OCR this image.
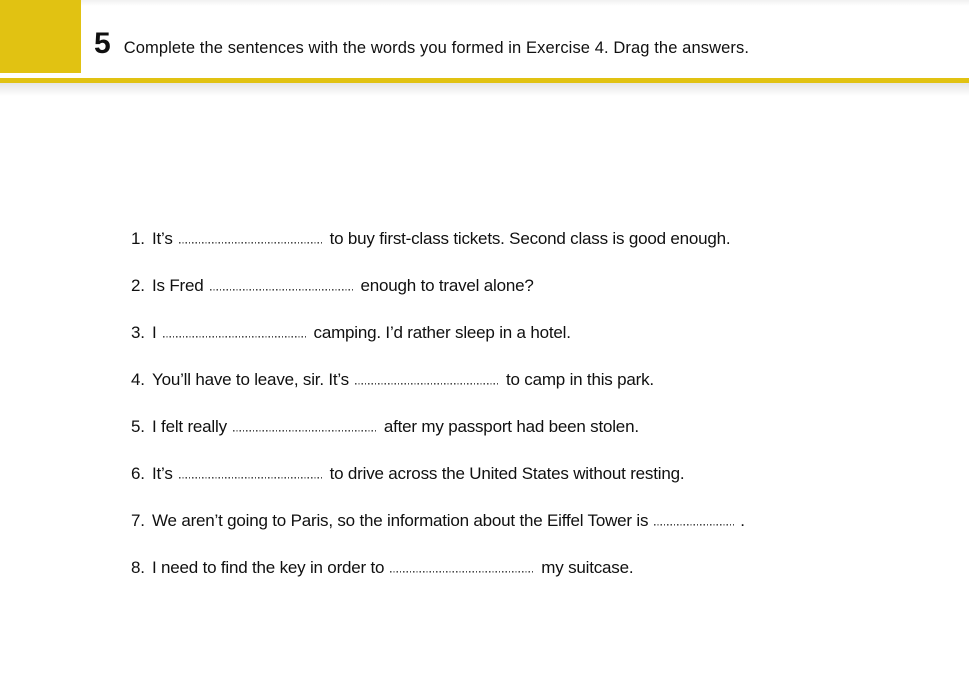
5 Complete the sentences with the words you formed in Exercise 4. Drag the answers.
1. It’s	to buy first-class tickets. Second class is good enough.
2. Is Fred	enough to travel alone?
3. I	camping. I’d rather sleep in a hotel.
4. You’ll have to leave, sir. It’s	to camp in this park.
5. I felt really	after my passport had been stolen.
6. It’s	to drive across the United States without resting.
7. We aren’t going to Paris, so the information about the Eiffel Tower is	.
8. I need to find the key in order to	my suitcase.
